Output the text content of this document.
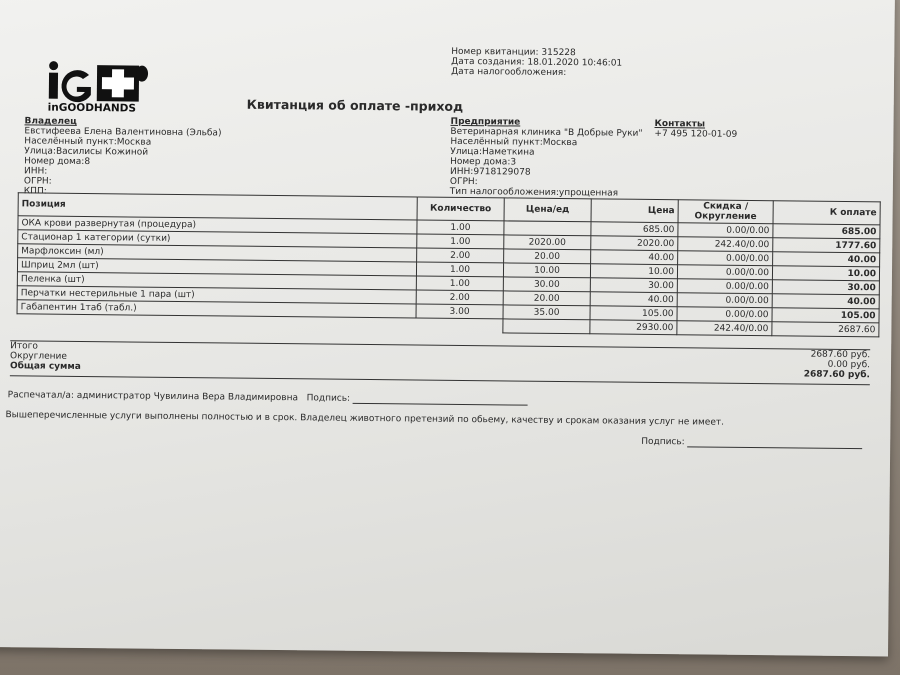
Номер квитанции: 315228
Дата создания: 18.01.2020 10:46:01
Дата налогообложения:
inGOODHANDS	Квитанция об оплате -приход
Владелец
Евстифеева Елена Валентиновна (Эльба)
Населённый пункт:Москва
Улица:Василисы Кожиной
Номер дома:8
ИНН:
ОГРН:
КПП:
Предприятие
Ветеринарная клиника "В Добрые Руки"
Населённый пункт:Москва
Улица:Наметкина
Номер дома:3
ИНН:9718129078
ОГРН:
Тип налогообложения:упрощенная
Контакты
+7 495 120-01-09
Позиция	Количество	Цена/ед	Цена	Скидка / Округление	К оплате
ОКА крови развернутая (процедура)	1.00		685.00	0.00/0.00	685.00
Стационар 1 категории (сутки)	1.00	2020.00	2020.00	242.40/0.00	1777.60
Марфлоксин (мл)	2.00	20.00	40.00	0.00/0.00	40.00
Шприц 2мл (шт)	1.00	10.00	10.00	0.00/0.00	10.00
Пеленка (шт)	1.00	30.00	30.00	0.00/0.00	30.00
Перчатки нестерильные 1 пара (шт)	2.00	20.00	40.00	0.00/0.00	40.00
Габапентин 1таб (табл.)	3.00	35.00	105.00	0.00/0.00	105.00
			2930.00	242.40/0.00	2687.60
Итого
2687.60 руб.
Округление
0.00 руб.
Общая сумма
2687.60 руб.
Распечатал/а: администратор Чувилина Вера Владимировна Подпись:
Вышеперечисленные услуги выполнены полностью и в срок. Владелец животного претензий по обьему, качеству и срокам оказания услуг не имеет.
Подпись:
